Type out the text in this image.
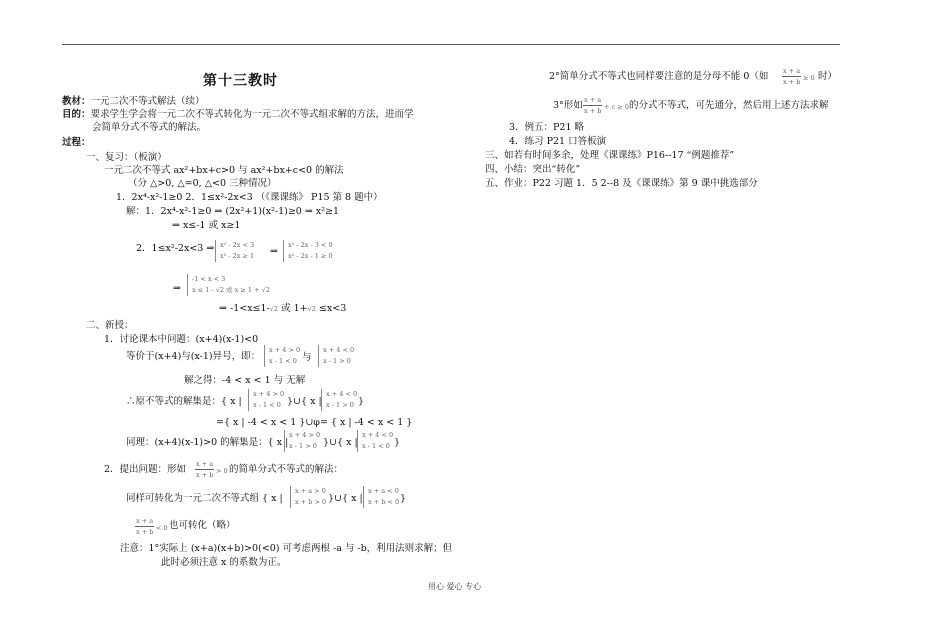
第十三教时
教材：一元二次不等式解法（续）
目的：要求学生学会将一元二次不等式转化为一元二次不等式组求解的方法，进而学
会简单分式不等式的解法。
过程：
一、复习：（板演）
一元二次不等式 ax²+bx+c>0 与 ax²+bx+c<0 的解法
（分 △>0, △=0, △<0 三种情况）
1．2x⁴-x²-1≥0 2．1≤x²-2x<3 （《课课练》 P15 第 8 题中）
解：1．2x⁴-x²-1≥0 ⇒ (2x²+1)(x²-1)≥0 ⇒ x²≥1
⇒ x≤-1 或 x≥1
2．1≤x²-2x<3 ⇒ x² - 2x < 3
x² - 2x ≥ 1 ⇒
x² - 2x - 3 < 0
x² - 2x - 1 ≥ 0
⇒
-1 < x < 3
x ≤ 1 - √2 或 x ≥ 1 + √2
⇒ -1<x≤1-√2 或 1+√2 ≤x<3
二、新授：
1．讨论课本中问题：(x+4)(x-1)<0
等价于(x+4)与(x-1)异号，即：
x + 4 > 0
x - 1 < 0 与
x + 4 < 0
x - 1 > 0
解之得：-4 < x < 1 与 无解
∴原不等式的解集是：{ x |
x + 4 > 0
x - 1 < 0 }∪{ x |
x + 4 < 0
x - 1 > 0 }
={ x | -4 < x < 1 }∪φ= { x | -4 < x < 1 }
同理：(x+4)(x-1)>0 的解集是：{ x |
x + 4 > 0
x - 1 > 0 }∪{ x |
x + 4 < 0
x - 1 < 0 }
2．提出问题：形如 $\frac{x + a}{x + b} > 0$ 的简单分式不等式的解法：
同样可转化为一元二次不等式组 { x |
x + a > 0
x + b > 0 }∪{ x |
x + a < 0
x + b < 0 }
$\frac{x + a}{x + b} < 0$ 也可转化（略）
注意：1°实际上 (x+a)(x+b)>0(<0) 可考虑两根 -a 与 -b，利用法则求解；但
此时必须注意 x 的系数为正。
2°简单分式不等式也同样要注意的是分母不能 0（如 $\frac{x + a}{x + b} \ge 0$ 时）
3°形如 $\frac{x + a}{x + b} + c \ge 0$ 的分式不等式，可先通分，然后用上述方法求解
3．例五：P21 略
4．练习 P21 口答板演
三、如若有时间多余，处理《课课练》P16--17 “例题推荐”
四、小结：突出“转化”
五、作业：P22 习题 1．5 2--8 及《课课练》第 9 课中挑选部分
用心 爱心 专心
